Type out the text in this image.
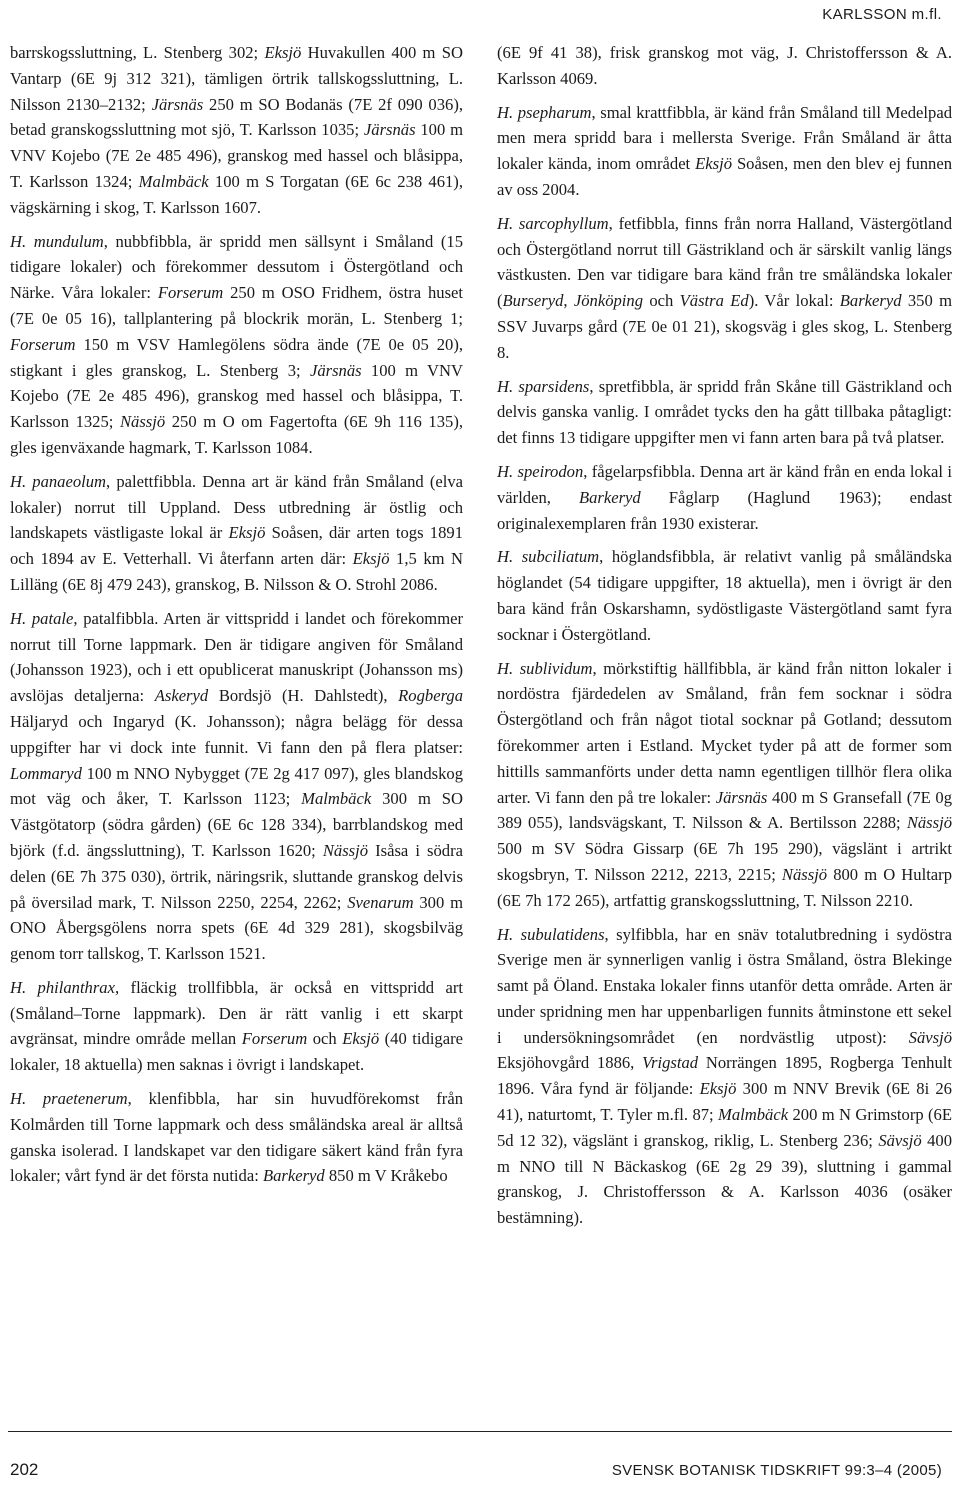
KARLSSON m.fl.

barrskogssluttning, L. Stenberg 302; Eksjö Huvakullen 400 m SO Vantarp (6E 9j 312 321), tämligen örtrik tallskogssluttning, L. Nilsson 2130–2132; Järsnäs 250 m SO Bodanäs (7E 2f 090 036), betad granskogssluttning mot sjö, T. Karlsson 1035; Järsnäs 100 m VNV Kojebo (7E 2e 485 496), granskog med hassel och blåsippa, T. Karlsson 1324; Malmbäck 100 m S Torgatan (6E 6c 238 461), vägskärning i skog, T. Karlsson 1607.

H. mundulum, nubbfibbla, är spridd men sällsynt i Småland (15 tidigare lokaler) och förekommer dessutom i Östergötland och Närke. Våra lokaler: Forserum 250 m OSO Fridhem, östra huset (7E 0e 05 16), tallplantering på blockrik morän, L. Stenberg 1; Forserum 150 m VSV Hamlegölens södra ände (7E 0e 05 20), stigkant i gles granskog, L. Stenberg 3; Järsnäs 100 m VNV Kojebo (7E 2e 485 496), granskog med hassel och blåsippa, T. Karlsson 1325; Nässjö 250 m O om Fagertofta (6E 9h 116 135), gles igenväxande hagmark, T. Karlsson 1084.

H. panaeolum, palettfibbla. Denna art är känd från Småland (elva lokaler) norrut till Uppland. Dess utbredning är östlig och landskapets västligaste lokal är Eksjö Soåsen, där arten togs 1891 och 1894 av E. Vetterhall. Vi återfann arten där: Eksjö 1,5 km N Lilläng (6E 8j 479 243), granskog, B. Nilsson & O. Strohl 2086.

H. patale, patalfibbla. Arten är vittspridd i landet och förekommer norrut till Torne lappmark. Den är tidigare angiven för Småland (Johansson 1923), och i ett opublicerat manuskript (Johansson ms) avslöjas detaljerna: Askeryd Bordsjö (H. Dahlstedt), Rogberga Häljaryd och Ingaryd (K. Johansson); några belägg för dessa uppgifter har vi dock inte funnit. Vi fann den på flera platser: Lommaryd 100 m NNO Nybygget (7E 2g 417 097), gles blandskog mot väg och åker, T. Karlsson 1123; Malmbäck 300 m SO Västgötatorp (södra gården) (6E 6c 128 334), barrblandskog med björk (f.d. ängssluttning), T. Karlsson 1620; Nässjö Isåsa i södra delen (6E 7h 375 030), örtrik, näringsrik, sluttande granskog delvis på översilad mark, T. Nilsson 2250, 2254, 2262; Svenarum 300 m ONO Åbergsgölens norra spets (6E 4d 329 281), skogsbilväg genom torr tallskog, T. Karlsson 1521.

H. philanthrax, fläckig trollfibbla, är också en vittspridd art (Småland–Torne lappmark). Den är rätt vanlig i ett skarpt avgränsat, mindre område mellan Forserum och Eksjö (40 tidigare lokaler, 18 aktuella) men saknas i övrigt i landskapet.

H. praetenerum, klenfibbla, har sin huvudförekomst från Kolmården till Torne lappmark och dess småländska areal är alltså ganska isolerad. I landskapet var den tidigare säkert känd från fyra lokaler; vårt fynd är det första nutida: Barkeryd 850 m V Kråkebo

(6E 9f 41 38), frisk granskog mot väg, J. Christoffersson & A. Karlsson 4069.

H. psepharum, smal krattfibbla, är känd från Småland till Medelpad men mera spridd bara i mellersta Sverige. Från Småland är åtta lokaler kända, inom området Eksjö Soåsen, men den blev ej funnen av oss 2004.

H. sarcophyllum, fetfibbla, finns från norra Halland, Västergötland och Östergötland norrut till Gästrikland och är särskilt vanlig längs västkusten. Den var tidigare bara känd från tre småländska lokaler (Burseryd, Jönköping och Västra Ed). Vår lokal: Barkeryd 350 m SSV Juvarps gård (7E 0e 01 21), skogsväg i gles skog, L. Stenberg 8.

H. sparsidens, spretfibbla, är spridd från Skåne till Gästrikland och delvis ganska vanlig. I området tycks den ha gått tillbaka påtagligt: det finns 13 tidigare uppgifter men vi fann arten bara på två platser.

H. speirodon, fågelarpsfibbla. Denna art är känd från en enda lokal i världen, Barkeryd Fåglarp (Haglund 1963); endast originalexemplaren från 1930 existerar.

H. subciliatum, höglandsfibbla, är relativt vanlig på småländska höglandet (54 tidigare uppgifter, 18 aktuella), men i övrigt är den bara känd från Oskarshamn, sydöstligaste Västergötland samt fyra socknar i Östergötland.

H. sublividum, mörkstiftig hällfibbla, är känd från nitton lokaler i nordöstra fjärdedelen av Småland, från fem socknar i södra Östergötland och från något tiotal socknar på Gotland; dessutom förekommer arten i Estland. Mycket tyder på att de former som hittills sammanförts under detta namn egentligen tillhör flera olika arter. Vi fann den på tre lokaler: Järsnäs 400 m S Gransefall (7E 0g 389 055), landsvägskant, T. Nilsson & A. Bertilsson 2288; Nässjö 500 m SV Södra Gissarp (6E 7h 195 290), vägslänt i artrikt skogsbryn, T. Nilsson 2212, 2213, 2215; Nässjö 800 m O Hultarp (6E 7h 172 265), artfattig granskogssluttning, T. Nilsson 2210.

H. subulatidens, sylfibbla, har en snäv totalutbredning i sydöstra Sverige men är synnerligen vanlig i östra Småland, östra Blekinge samt på Öland. Enstaka lokaler finns utanför detta område. Arten är under spridning men har uppenbarligen funnits åtminstone ett sekel i undersökningsområdet (en nordvästlig utpost): Sävsjö Eksjöhovgård 1886, Vrigstad Norrängen 1895, Rogberga Tenhult 1896. Våra fynd är följande: Eksjö 300 m NNV Brevik (6E 8i 26 41), naturtomt, T. Tyler m.fl. 87; Malmbäck 200 m N Grimstorp (6E 5d 12 32), vägslänt i granskog, riklig, L. Stenberg 236; Sävsjö 400 m NNO till N Bäckaskog (6E 2g 29 39), sluttning i gammal granskog, J. Christoffersson & A. Karlsson 4036 (osäker bestämning).

202	SVENSK BOTANISK TIDSKRIFT 99:3–4 (2005)
